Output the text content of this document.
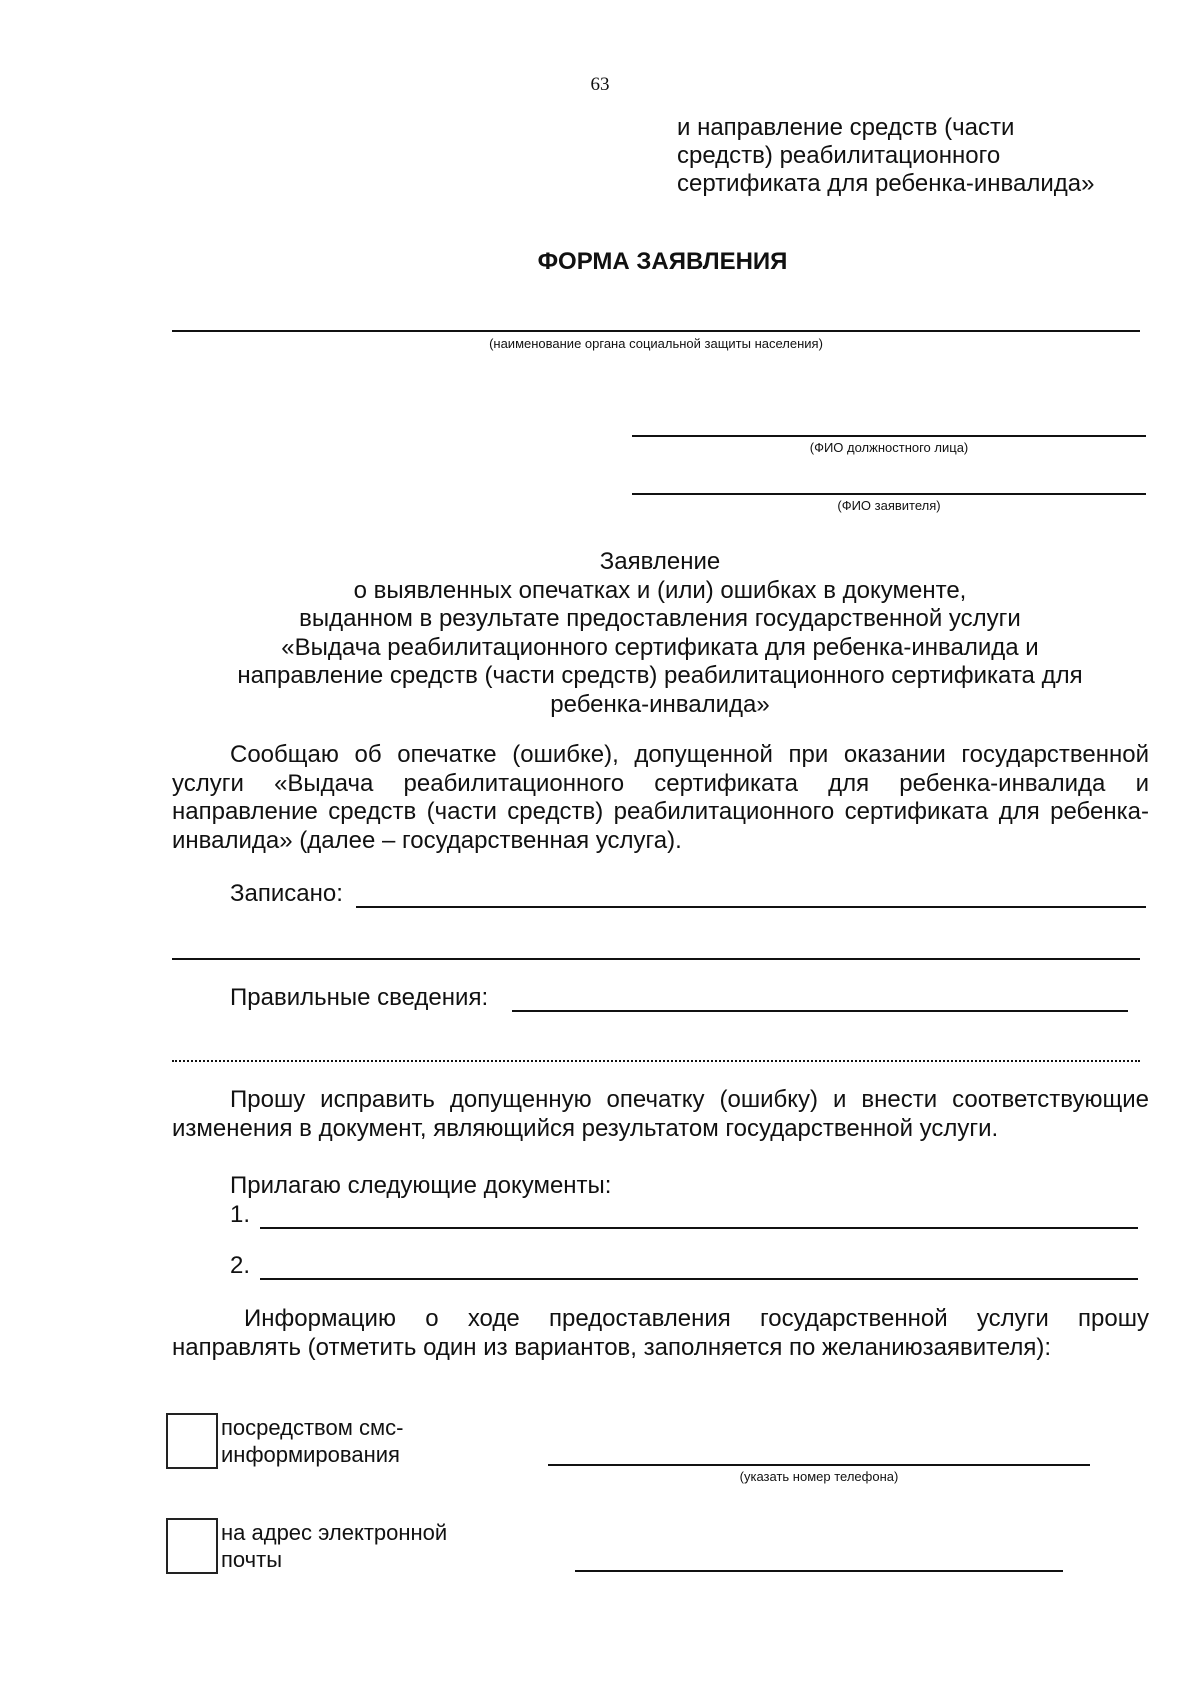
63
и направление средств (части
средств) реабилитационного
сертификата для ребенка-инвалида»
ФОРМА ЗАЯВЛЕНИЯ
(наименование органа социальной защиты населения)
(ФИО должностного лица)
(ФИО заявителя)
Заявление
о выявленных опечатках и (или) ошибках в документе,
выданном в результате предоставления государственной услуги
«Выдача реабилитационного сертификата для ребенка-инвалида и
направление средств (части средств) реабилитационного сертификата для
ребенка-инвалида»
Сообщаю об опечатке (ошибке), допущенной при оказании государственной услуги «Выдача реабилитационного сертификата для ребенка-инвалида и направление средств (части средств) реабилитационного сертификата для ребенка-инвалида» (далее – государственная услуга).
Записано:
Правильные сведения:
Прошу исправить допущенную опечатку (ошибку) и внести соответствующие изменения в документ, являющийся результатом государственной услуги.
Прилагаю следующие документы:
1.
2.
Информацию о ходе предоставления государственной услуги прошу направлять (отметить один из вариантов, заполняется по желаниюзаявителя):
посредством смс-
информирования
(указать номер телефона)
на адрес электронной
почты
